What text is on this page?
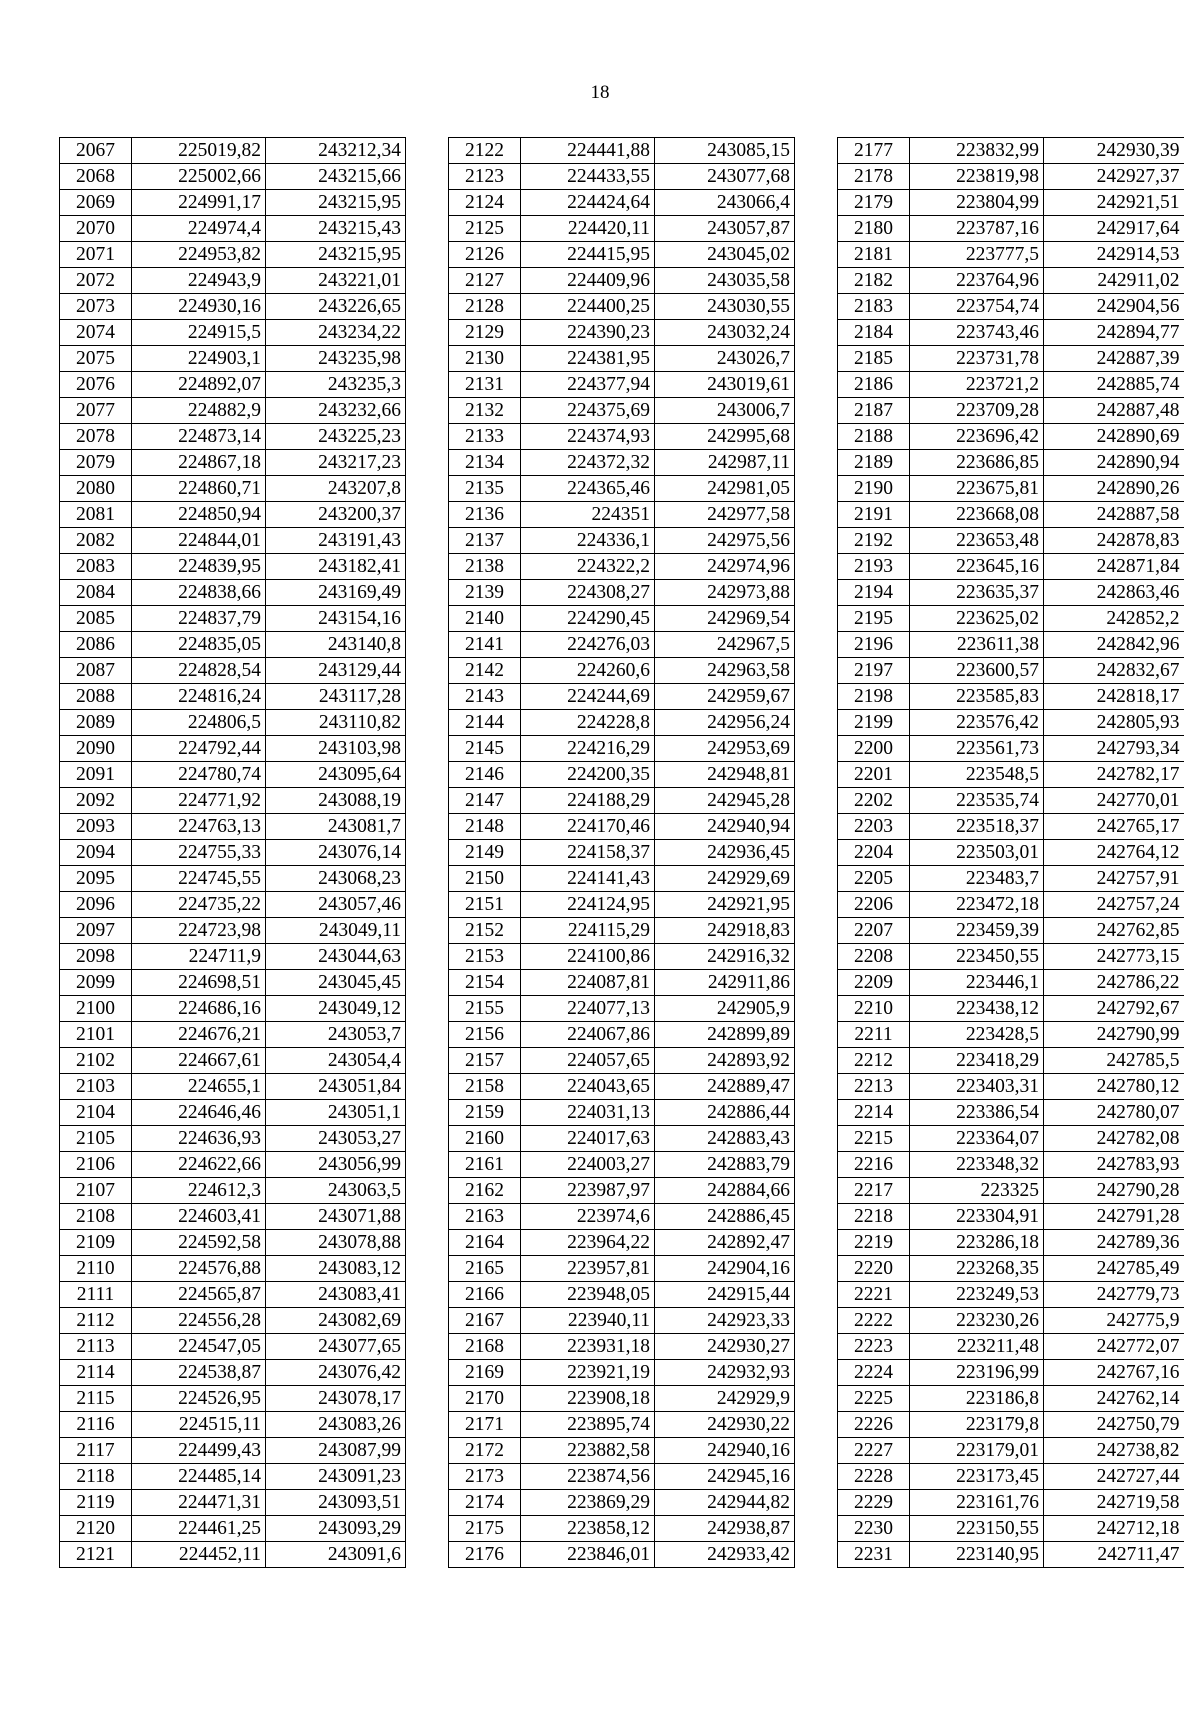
18
2067	225019,82	243212,34
2068	225002,66	243215,66
2069	224991,17	243215,95
2070	224974,4	243215,43
2071	224953,82	243215,95
2072	224943,9	243221,01
2073	224930,16	243226,65
2074	224915,5	243234,22
2075	224903,1	243235,98
2076	224892,07	243235,3
2077	224882,9	243232,66
2078	224873,14	243225,23
2079	224867,18	243217,23
2080	224860,71	243207,8
2081	224850,94	243200,37
2082	224844,01	243191,43
2083	224839,95	243182,41
2084	224838,66	243169,49
2085	224837,79	243154,16
2086	224835,05	243140,8
2087	224828,54	243129,44
2088	224816,24	243117,28
2089	224806,5	243110,82
2090	224792,44	243103,98
2091	224780,74	243095,64
2092	224771,92	243088,19
2093	224763,13	243081,7
2094	224755,33	243076,14
2095	224745,55	243068,23
2096	224735,22	243057,46
2097	224723,98	243049,11
2098	224711,9	243044,63
2099	224698,51	243045,45
2100	224686,16	243049,12
2101	224676,21	243053,7
2102	224667,61	243054,4
2103	224655,1	243051,84
2104	224646,46	243051,1
2105	224636,93	243053,27
2106	224622,66	243056,99
2107	224612,3	243063,5
2108	224603,41	243071,88
2109	224592,58	243078,88
2110	224576,88	243083,12
2111	224565,87	243083,41
2112	224556,28	243082,69
2113	224547,05	243077,65
2114	224538,87	243076,42
2115	224526,95	243078,17
2116	224515,11	243083,26
2117	224499,43	243087,99
2118	224485,14	243091,23
2119	224471,31	243093,51
2120	224461,25	243093,29
2121	224452,11	243091,6
2122	224441,88	243085,15
2123	224433,55	243077,68
2124	224424,64	243066,4
2125	224420,11	243057,87
2126	224415,95	243045,02
2127	224409,96	243035,58
2128	224400,25	243030,55
2129	224390,23	243032,24
2130	224381,95	243026,7
2131	224377,94	243019,61
2132	224375,69	243006,7
2133	224374,93	242995,68
2134	224372,32	242987,11
2135	224365,46	242981,05
2136	224351	242977,58
2137	224336,1	242975,56
2138	224322,2	242974,96
2139	224308,27	242973,88
2140	224290,45	242969,54
2141	224276,03	242967,5
2142	224260,6	242963,58
2143	224244,69	242959,67
2144	224228,8	242956,24
2145	224216,29	242953,69
2146	224200,35	242948,81
2147	224188,29	242945,28
2148	224170,46	242940,94
2149	224158,37	242936,45
2150	224141,43	242929,69
2151	224124,95	242921,95
2152	224115,29	242918,83
2153	224100,86	242916,32
2154	224087,81	242911,86
2155	224077,13	242905,9
2156	224067,86	242899,89
2157	224057,65	242893,92
2158	224043,65	242889,47
2159	224031,13	242886,44
2160	224017,63	242883,43
2161	224003,27	242883,79
2162	223987,97	242884,66
2163	223974,6	242886,45
2164	223964,22	242892,47
2165	223957,81	242904,16
2166	223948,05	242915,44
2167	223940,11	242923,33
2168	223931,18	242930,27
2169	223921,19	242932,93
2170	223908,18	242929,9
2171	223895,74	242930,22
2172	223882,58	242940,16
2173	223874,56	242945,16
2174	223869,29	242944,82
2175	223858,12	242938,87
2176	223846,01	242933,42
2177	223832,99	242930,39
2178	223819,98	242927,37
2179	223804,99	242921,51
2180	223787,16	242917,64
2181	223777,5	242914,53
2182	223764,96	242911,02
2183	223754,74	242904,56
2184	223743,46	242894,77
2185	223731,78	242887,39
2186	223721,2	242885,74
2187	223709,28	242887,48
2188	223696,42	242890,69
2189	223686,85	242890,94
2190	223675,81	242890,26
2191	223668,08	242887,58
2192	223653,48	242878,83
2193	223645,16	242871,84
2194	223635,37	242863,46
2195	223625,02	242852,2
2196	223611,38	242842,96
2197	223600,57	242832,67
2198	223585,83	242818,17
2199	223576,42	242805,93
2200	223561,73	242793,34
2201	223548,5	242782,17
2202	223535,74	242770,01
2203	223518,37	242765,17
2204	223503,01	242764,12
2205	223483,7	242757,91
2206	223472,18	242757,24
2207	223459,39	242762,85
2208	223450,55	242773,15
2209	223446,1	242786,22
2210	223438,12	242792,67
2211	223428,5	242790,99
2212	223418,29	242785,5
2213	223403,31	242780,12
2214	223386,54	242780,07
2215	223364,07	242782,08
2216	223348,32	242783,93
2217	223325	242790,28
2218	223304,91	242791,28
2219	223286,18	242789,36
2220	223268,35	242785,49
2221	223249,53	242779,73
2222	223230,26	242775,9
2223	223211,48	242772,07
2224	223196,99	242767,16
2225	223186,8	242762,14
2226	223179,8	242750,79
2227	223179,01	242738,82
2228	223173,45	242727,44
2229	223161,76	242719,58
2230	223150,55	242712,18
2231	223140,95	242711,47
